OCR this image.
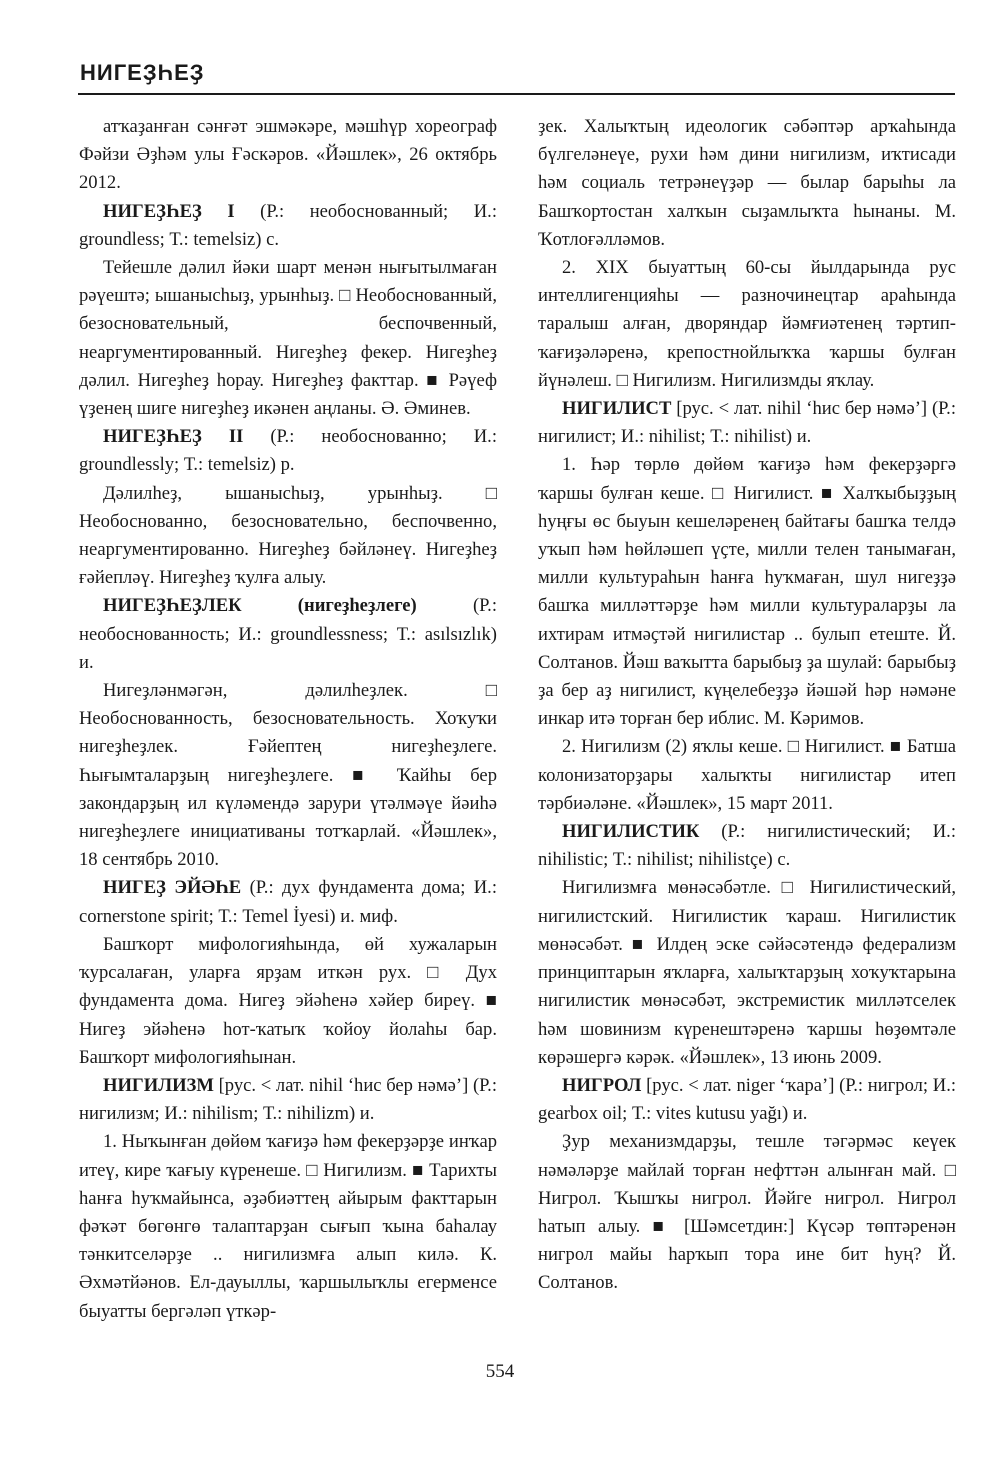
НИГЕҘҺЕҘ

атҡаҙанған сәнғәт эшмәкәре, мәшһүр хореограф Фәйзи Әҙһәм улы Ғәскәров. «Йәшлек», 26 октябрь 2012.

НИГЕҘҺЕҘ I (Р.: необоснованный; И.: groundless; Т.: temelsiz) с.

Тейешле дәлил йәки шарт менән нығытылмаған рәүештә; ышаныcһыҙ, урынһыҙ. □ Необоснованный, безосновательный, беспочвенный, неаргументированный. Нигеҙһеҙ фекер. Нигеҙһеҙ дәлил. Нигеҙһеҙ һорау. Нигеҙһеҙ факттар. ■ Рәүеф үҙенең шиге нигеҙһеҙ икәнен аңланы. Ә. Әминев.

НИГЕҘҺЕҘ II (Р.: необоснованно; И.: groundlessly; Т.: temelsiz) р.

Дәлилһеҙ, ышаныcһыҙ, урынһыҙ. □ Необоснованно, безосновательно, беспочвенно, неаргументированно. Нигеҙһеҙ бәйләнеү. Нигеҙһеҙ ғәйепләү. Нигеҙһеҙ ҡулға алыу.

НИГЕҘҺЕҘЛЕК (нигеҙһеҙлеге)	(Р.: необоснованность; И.: groundlessness; Т.: asılsızlık) и.

Нигеҙләнмәгән, дәлилһеҙлек. □ Необоснованность, безосновательность. Хоҡуҡи нигеҙһеҙлек. Ғәйептең нигеҙһеҙлеге. Һығымталарҙың нигеҙһеҙлеге. ■ Ҡайһы бер закондарҙың ил күләмендә зарури үтәлмәүе йәиһә нигеҙһеҙлеге инициативаны тотҡарлай. «Йәшлек», 18 сентябрь 2010.

НИГЕҘ ЭЙӘҺЕ (Р.: дух фундамента дома; И.: cornerstone spirit; Т.: Temel İyesi) и. миф.

Башҡорт мифологияһында, өй хужаларын ҡурсалаған, уларға ярҙам иткән рух. □ Дух фундамента дома. Нигеҙ эйәһенә хәйер биреү. ■ Нигеҙ эйәһенә һот-ҡатыҡ ҡойоу йолаһы бар. Башҡорт мифологияһынан.

НИГИЛИЗМ [рус. < лат. nihil ‘һис бер нәмә’] (Р.: нигилизм; И.: nihilism; Т.: nihilizm) и.

1. Ныҡынған дөйөм ҡағиҙә һәм фекерҙәрҙе инҡар итеү, кире ҡағыу күренеше. □ Нигилизм. ■ Тарихты һанға һуҡмайынса, әҙәбиәттең айырым факттарын фәҡәт бөгөнгө талаптарҙан сығып ҡына баһалау тәнкитселәрҙе .. нигилизмға алып килә. К. Әхмәтйәнов. Ел-дауыллы, ҡаршылыҡлы егерменсе быуатты бергәләп үткәр-

ҙек. Халыҡтың идеологик сәбәптәр арҡаһында бүлгеләнеүе, рухи һәм дини нигилизм, иҡтисади һәм социаль тетрәнеүҙәр — былар барыһы ла Башҡортостан халҡын сыҙамлыҡта һынаны. М. Ҡотлоғәлләмов.

2. XIX быуаттың 60-сы йылдарында рус интеллигенцияһы — разночинецтар араһында таралыш алған, дворяндар йәмғиәтенең тәртип-ҡағиҙәләренә, крепостнойлыҡҡа ҡаршы булған йүнәлеш. □ Нигилизм. Нигилизмды яҡлау.

НИГИЛИСТ [рус. < лат. nihil ‘һис бер нәмә’] (Р.: нигилист; И.: nihilist; Т.: nihilist) и.

1. Һәр төрлө дөйөм ҡағиҙә һәм фекерҙәргә ҡаршы булған кеше. □ Нигилист. ■ Халҡыбыҙҙың һуңғы өс быуын кешеләренең байтағы башҡа телдә уҡып һәм һөйләшеп үҫте, милли телен танымаған, милли культураһын һанға һуҡмаған, шул нигеҙҙә башҡа милләттәрҙе һәм милли культураларҙы ла ихтирам итмәҫтәй нигилистар .. булып етеште. Й. Солтанов. Йәш ваҡытта барыбыҙ ҙа шулай: барыбыҙ ҙа бер аҙ нигилист, күңелебеҙҙә йәшәй һәр нәмәне инкар итә торған бер иблис. М. Кәримов.

2. Нигилизм (2) яҡлы кеше. □ Нигилист. ■ Батша колонизаторҙары халыҡты нигилистар итеп тәрбиәләне. «Йәшлек», 15 март 2011.

НИГИЛИСТИК (Р.: нигилистический; И.: nihilistic; Т.: nihilist; nihilistçe) с.

Нигилизмға мөнәсәбәтле. □ Нигилистический, нигилистский. Нигилистик ҡараш. Нигилистик мөнәсәбәт. ■ Илдең эске сәйәсәтендә федерализм принциптарын яҡларға, халыҡтарҙың хоҡуҡтарына нигилистик мөнәсәбәт, экстремистик милләтселек һәм шовинизм күренештәренә ҡаршы һөҙөмтәле көрәшергә кәрәк. «Йәшлек», 13 июнь 2009.

НИГРОЛ [рус. < лат. niger ‘ҡара’] (Р.: нигрол; И.: gearbox oil; Т.: vites kutusu yağı) и.

Ҙур механизмдарҙы, тешле тәгәрмәс кеүек нәмәләрҙе майлай торған нефттән алынған май. □ Нигрол. Ҡышҡы нигрол. Йәйге нигрол. Нигрол һатып алыу. ■ [Шәмсетдин:] Күсәр төптәренән нигрол майы һарҡып тора ине бит һуң? Й. Солтанов.

554
